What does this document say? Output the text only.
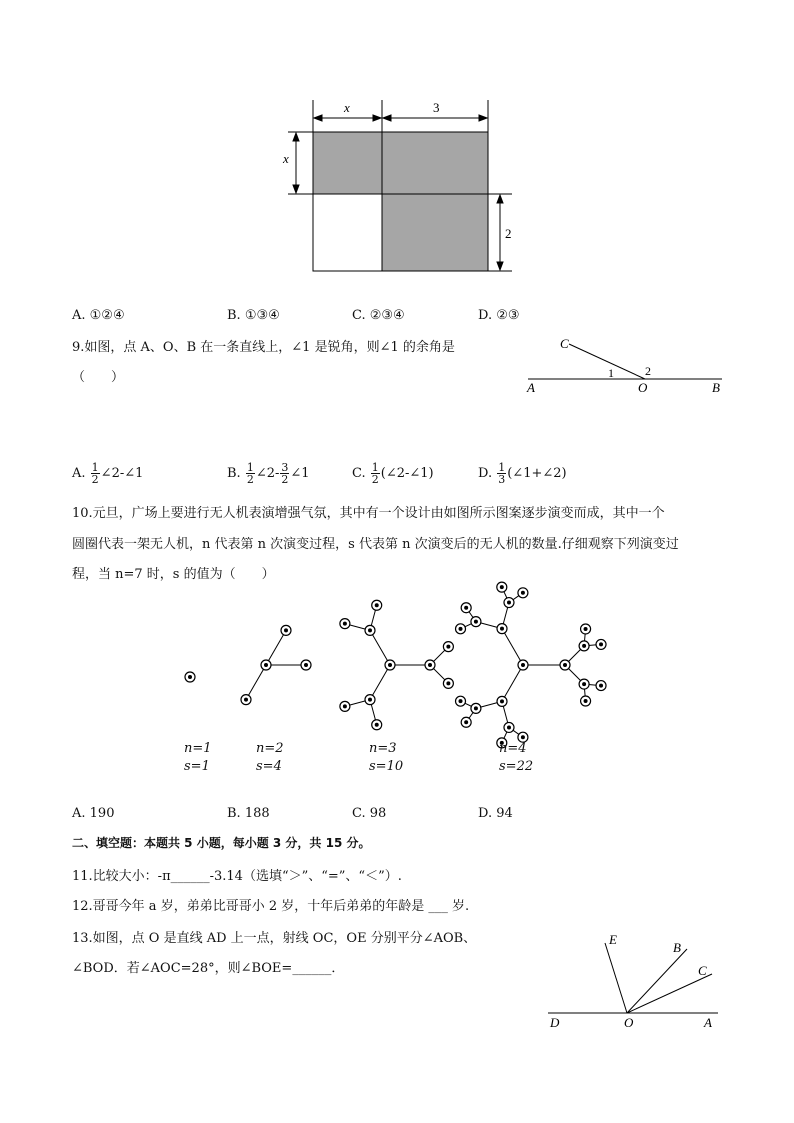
x	3
x
2
A. ①②④	B. ①③④	C. ②③④	D. ②③
9.如图，点 A、O、B 在一条直线上，∠1 是锐角，则∠1 的余角是
（　　）
C
1	2
A	O	B
A. $\frac{1}{2}$ ∠2-∠1	B. $\frac{1}{2}$ ∠2- $\frac{3}{2}$ ∠1	C. $\frac{1}{2}$ (∠2-∠1)	D. $\frac{1}{3}$ (∠1+∠2)
10.元旦，广场上要进行无人机表演增强气氛，其中有一个设计由如图所示图案逐步演变而成，其中一个
圆圈代表一架无人机，n 代表第 n 次演变过程，s 代表第 n 次演变后的无人机的数量.仔细观察下列演变过
程，当 n=7 时，s 的值为（　　）
n=1
s=1
n=2
s=4
n=3
s=10
n=4
s=22
A. 190	B. 188	C. 98	D. 94
二、填空题：本题共 5 小题，每小题 3 分，共 15 分。
11.比较大小：-π______-3.14（选填“＞”、“=”、“＜”）.
12.哥哥今年 a 岁，弟弟比哥哥小 2 岁，十年后弟弟的年龄是 ___ 岁.
13.如图，点 O 是直线 AD 上一点，射线 OC，OE 分别平分∠AOB、
∠BOD．若∠AOC=28°，则∠BOE=______．
E
B
C
D	O	A
